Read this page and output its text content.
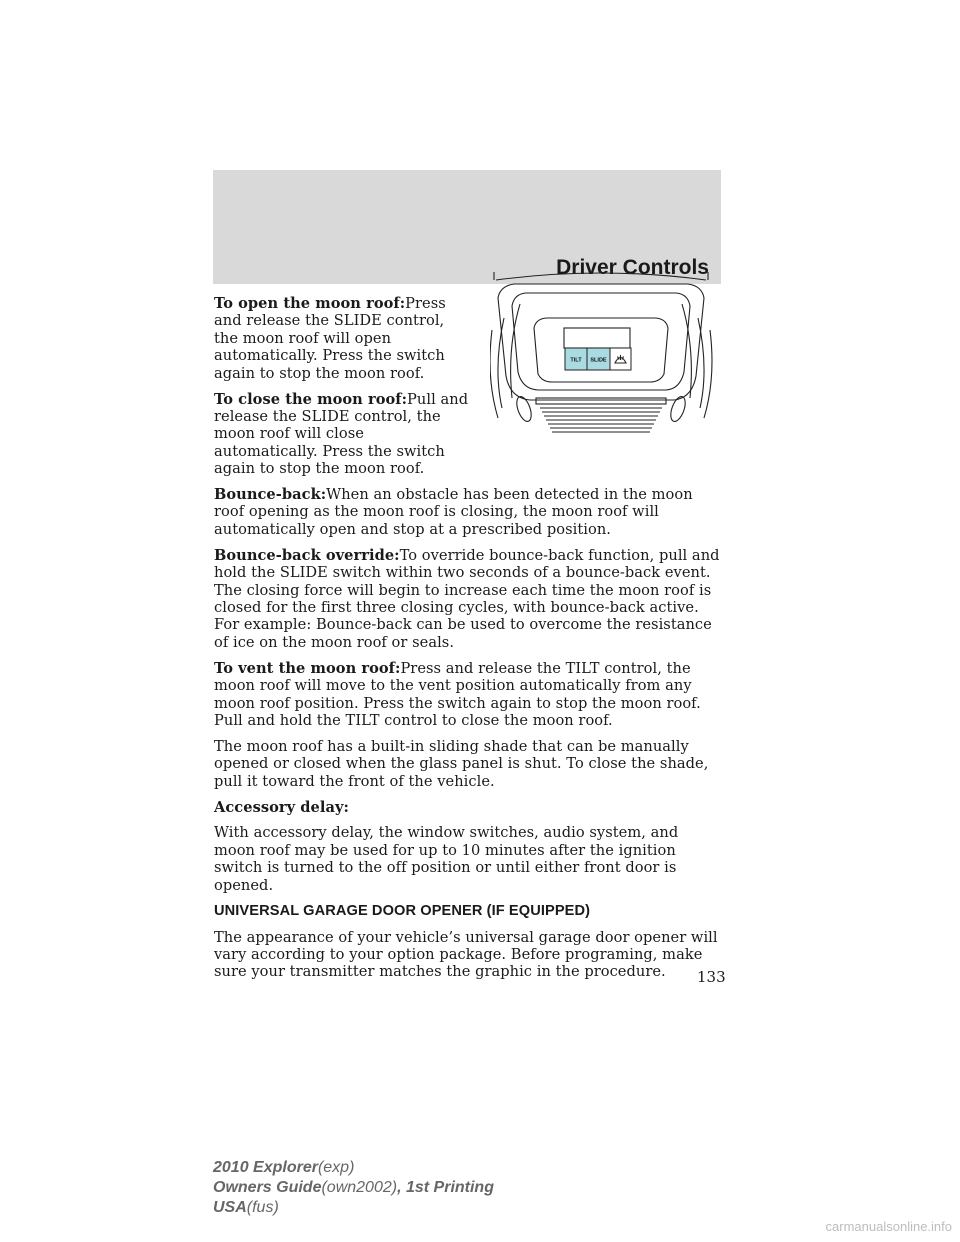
Driver Controls
TILT SLIDE

To open the moon roof:Press and release the SLIDE control, the moon roof will open automatically. Press the switch again to stop the moon roof.

To close the moon roof:Pull and release the SLIDE control, the moon roof will close automatically. Press the switch again to stop the moon roof.

Bounce-back:When an obstacle has been detected in the moon roof opening as the moon roof is closing, the moon roof will automatically open and stop at a prescribed position.

Bounce-back override:To override bounce-back function, pull and hold the SLIDE switch within two seconds of a bounce-back event. The closing force will begin to increase each time the moon roof is closed for the first three closing cycles, with bounce-back active. For example: Bounce-back can be used to overcome the resistance of ice on the moon roof or seals.

To vent the moon roof:Press and release the TILT control, the moon roof will move to the vent position automatically from any moon roof position. Press the switch again to stop the moon roof. Pull and hold the TILT control to close the moon roof.

The moon roof has a built-in sliding shade that can be manually opened or closed when the glass panel is shut. To close the shade, pull it toward the front of the vehicle.

Accessory delay:

With accessory delay, the window switches, audio system, and moon roof may be used for up to 10 minutes after the ignition switch is turned to the off position or until either front door is opened.

UNIVERSAL GARAGE DOOR OPENER (IF EQUIPPED)

The appearance of your vehicle’s universal garage door opener will vary according to your option package. Before programing, make sure your transmitter matches the graphic in the procedure.	133
2010 Explorer(exp)
Owners Guide(own2002), 1st Printing
USA(fus)
carmanualsonline.info
